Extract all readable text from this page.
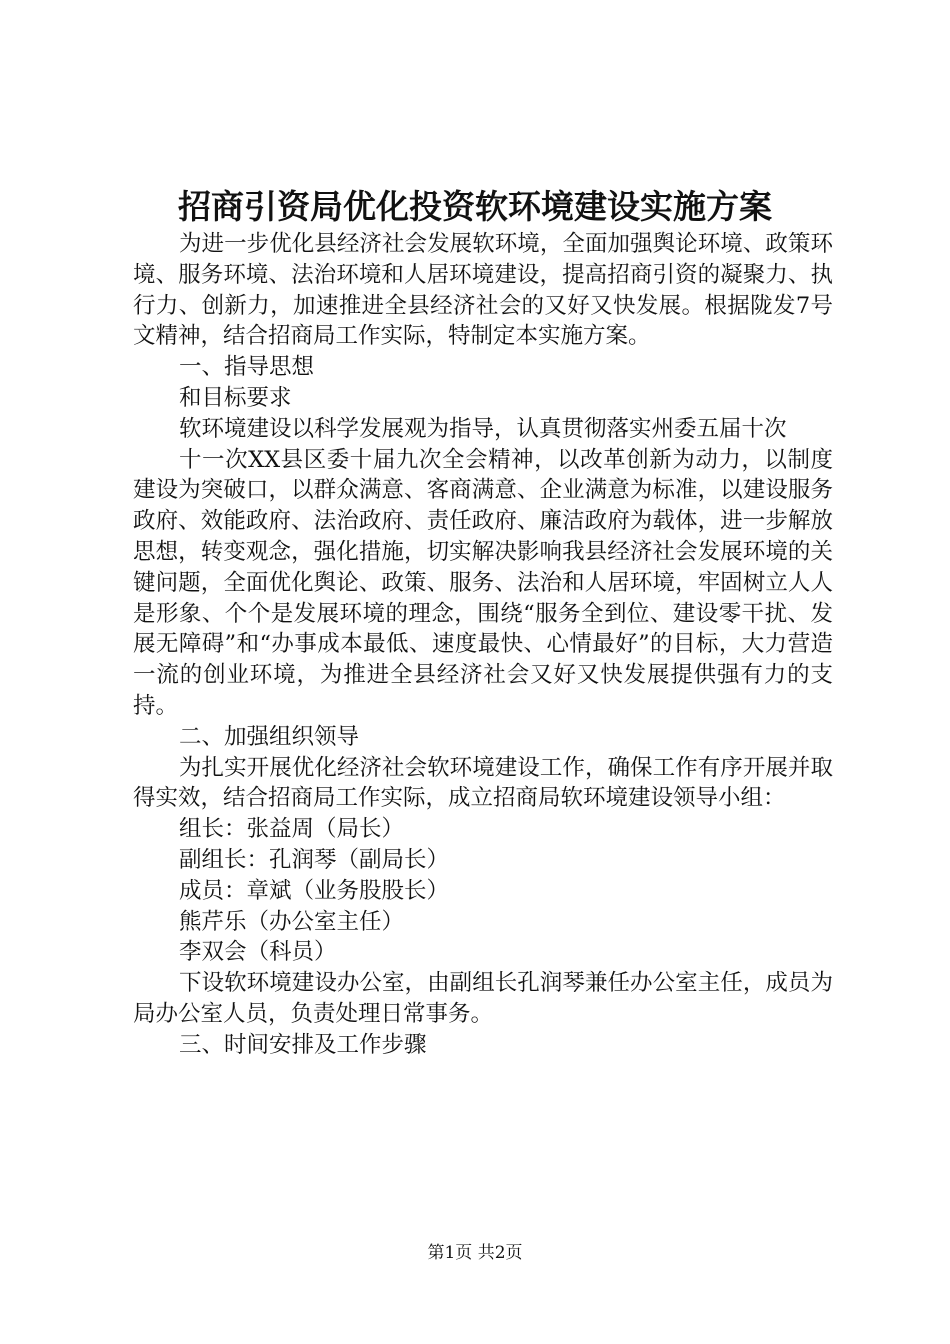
招商引资局优化投资软环境建设实施方案

为进一步优化县经济社会发展软环境，全面加强舆论环境、政策环境、服务环境、法治环境和人居环境建设，提高招商引资的凝聚力、执行力、创新力，加速推进全县经济社会的又好又快发展。根据陇发7号文精神，结合招商局工作实际，特制定本实施方案。

一、指导思想

和目标要求

软环境建设以科学发展观为指导，认真贯彻落实州委五届十次

十一次XX县区委十届九次全会精神，以改革创新为动力，以制度建设为突破口，以群众满意、客商满意、企业满意为标准，以建设服务政府、效能政府、法治政府、责任政府、廉洁政府为载体，进一步解放思想，转变观念，强化措施，切实解决影响我县经济社会发展环境的关键问题，全面优化舆论、政策、服务、法治和人居环境，牢固树立人人是形象、个个是发展环境的理念，围绕“服务全到位、建设零干扰、发展无障碍”和“办事成本最低、速度最快、心情最好”的目标，大力营造一流的创业环境，为推进全县经济社会又好又快发展提供强有力的支持。

二、加强组织领导

为扎实开展优化经济社会软环境建设工作，确保工作有序开展并取得实效，结合招商局工作实际，成立招商局软环境建设领导小组：

组长：张益周（局长）

副组长：孔润琴（副局长）

成员：章斌（业务股股长）

熊芹乐（办公室主任）

李双会（科员）

下设软环境建设办公室，由副组长孔润琴兼任办公室主任，成员为局办公室人员，负责处理日常事务。

三、时间安排及工作步骤

第1页 共2页
